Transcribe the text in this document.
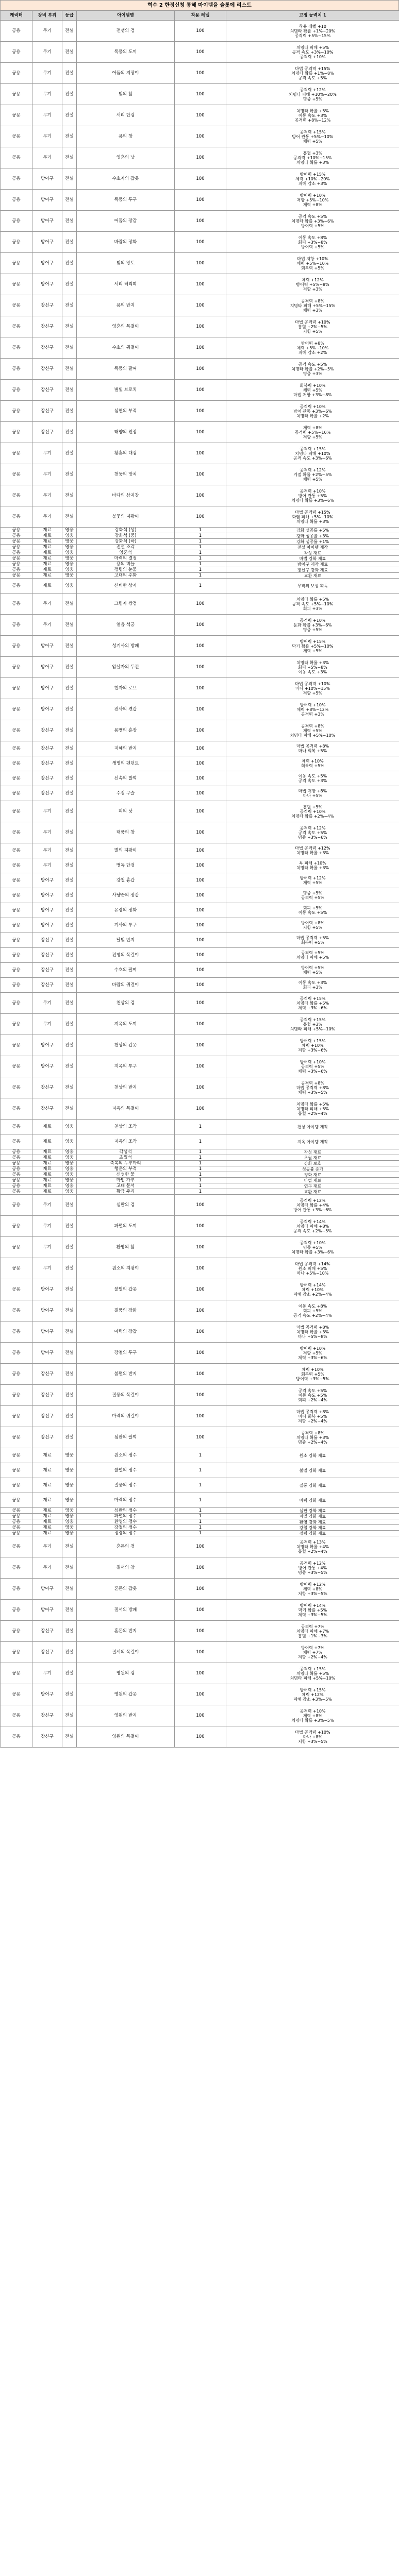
혁수 2 한정신청 통해 마이템을 슬롯에 리스트
캐릭터	장비 부위	등급	아이템명	착용 레벨	고정 능력치 1
공용	무기	전설	전쟁의 검	100	착용 레벨 +10
치명타 확률 +1%~20%
공격력 +5%~15%
공용	무기	전설	폭풍의 도끼	100	치명타 피해 +5%
공격 속도 +3%~10%
공격력 +10%
공용	무기	전설	어둠의 지팡이	100	마법 공격력 +15%
치명타 확률 +1%~8%
공격 속도 +5%
공용	무기	전설	빛의 활	100	공격력 +12%
치명타 피해 +10%~20%
명중 +5%
공용	무기	전설	서리 단검	100	치명타 확률 +5%
이동 속도 +3%
공격력 +8%~12%
공용	무기	전설	용의 창	100	공격력 +15%
방어 관통 +5%~10%
체력 +5%
공용	무기	전설	영혼의 낫	100	흡혈 +3%
공격력 +10%~15%
치명타 확률 +3%
공용	방어구	전설	수호자의 갑옷	100	방어력 +15%
체력 +10%~20%
피해 감소 +3%
공용	방어구	전설	폭풍의 투구	100	방어력 +10%
저항 +5%~10%
체력 +8%
공용	방어구	전설	어둠의 장갑	100	공격 속도 +5%
치명타 확률 +3%~6%
방어력 +5%
공용	방어구	전설	바람의 장화	100	이동 속도 +8%
회피 +3%~8%
방어력 +5%
공용	방어구	전설	빛의 망토	100	마법 저항 +10%
체력 +5%~10%
회복력 +5%
공용	방어구	전설	서리 허리띠	100	체력 +12%
방어력 +5%~8%
저항 +3%
공용	장신구	전설	용의 반지	100	공격력 +8%
치명타 피해 +5%~15%
체력 +3%
공용	장신구	전설	영혼의 목걸이	100	마법 공격력 +10%
흡혈 +2%~5%
저항 +5%
공용	장신구	전설	수호의 귀걸이	100	방어력 +8%
체력 +5%~10%
피해 감소 +2%
공용	장신구	전설	폭풍의 팔찌	100	공격 속도 +5%
치명타 확률 +2%~5%
명중 +3%
공용	장신구	전설	별빛 브로치	100	회복력 +10%
체력 +5%
마법 저항 +3%~8%
공용	장신구	전설	심연의 부적	100	공격력 +10%
방어 관통 +3%~6%
치명타 확률 +2%
공용	장신구	전설	태양의 인장	100	체력 +8%
공격력 +5%~10%
저항 +5%
공용	무기	전설	황혼의 대검	100	공격력 +15%
치명타 피해 +10%
공격 속도 +3%~6%
공용	무기	전설	천둥의 망치	100	공격력 +12%
기절 확률 +2%~5%
체력 +5%
공용	무기	전설	바다의 삼지창	100	공격력 +10%
방어 관통 +5%
치명타 확률 +3%~6%
공용	무기	전설	불꽃의 지팡이	100	마법 공격력 +15%
화염 피해 +5%~10%
치명타 확률 +3%
공용	재료	영웅	강화석 (상)	1	강화 성공률 +5%
공용	재료	영웅	강화석 (중)	1	강화 성공률 +3%
공용	재료	영웅	강화석 (하)	1	강화 성공률 +1%
공용	재료	영웅	전설 조각	1	전설 아이템 제작
공용	재료	영웅	영혼석	1	각성 재료
공용	재료	영웅	마력의 결정	1	마법 강화 재료
공용	재료	영웅	용의 비늘	1	방어구 제작 재료
공용	재료	영웅	정령의 눈물	1	장신구 강화 재료
공용	재료	영웅	고대의 주화	1	교환 재료
공용	재료	영웅	신비한 상자	1	무작위 보상 획득
공용	무기	전설	그림자 쌍검	100	치명타 확률 +5%
공격 속도 +5%~10%
회피 +3%
공용	무기	전설	얼음 석궁	100	공격력 +10%
둔화 확률 +3%~6%
명중 +5%
공용	방어구	전설	성기사의 방패	100	방어력 +15%
막기 확률 +5%~10%
체력 +5%
공용	방어구	전설	암살자의 두건	100	치명타 확률 +3%
회피 +5%~8%
이동 속도 +3%
공용	방어구	전설	현자의 로브	100	마법 공격력 +10%
마나 +10%~15%
저항 +5%
공용	방어구	전설	전사의 견갑	100	방어력 +10%
체력 +8%~12%
공격력 +3%
공용	장신구	전설	용맹의 훈장	100	공격력 +8%
체력 +5%
치명타 피해 +5%~10%
공용	장신구	전설	지혜의 반지	100	마법 공격력 +8%
마나 회복 +5%
공용	장신구	전설	생명의 펜던트	100	체력 +10%
회복력 +5%
공용	장신구	전설	신속의 발찌	100	이동 속도 +5%
공격 속도 +3%
공용	장신구	전설	수정 구슬	100	마법 저항 +8%
마나 +5%
공용	무기	전설	피의 낫	100	흡혈 +5%
공격력 +10%
치명타 확률 +2%~4%
공용	무기	전설	태풍의 창	100	공격력 +12%
공격 속도 +5%
명중 +3%~6%
공용	무기	전설	별의 지팡이	100	마법 공격력 +12%
치명타 확률 +3%
공용	무기	전설	맹독 단검	100	독 피해 +10%
치명타 확률 +3%
공용	방어구	전설	강철 흉갑	100	방어력 +12%
체력 +5%
공용	방어구	전설	사냥꾼의 장갑	100	명중 +5%
공격력 +5%
공용	방어구	전설	유령의 장화	100	회피 +5%
이동 속도 +5%
공용	방어구	전설	기사의 투구	100	방어력 +8%
저항 +5%
공용	장신구	전설	달빛 반지	100	마법 공격력 +5%
회복력 +5%
공용	장신구	전설	전쟁의 목걸이	100	공격력 +5%
치명타 피해 +5%
공용	장신구	전설	수호의 팔찌	100	방어력 +5%
체력 +5%
공용	장신구	전설	바람의 귀걸이	100	이동 속도 +3%
회피 +3%
공용	무기	전설	천상의 검	100	공격력 +15%
치명타 확률 +5%
체력 +3%~6%
공용	무기	전설	지옥의 도끼	100	공격력 +15%
흡혈 +3%
치명타 피해 +5%~10%
공용	방어구	전설	천상의 갑옷	100	방어력 +15%
체력 +10%
저항 +3%~6%
공용	방어구	전설	지옥의 투구	100	방어력 +10%
공격력 +5%
체력 +3%~6%
공용	장신구	전설	천상의 반지	100	공격력 +8%
마법 공격력 +8%
체력 +3%~5%
공용	장신구	전설	지옥의 목걸이	100	치명타 확률 +5%
치명타 피해 +5%
흡혈 +2%~4%
공용	재료	영웅	천상의 조각	1	천상 아이템 제작
공용	재료	영웅	지옥의 조각	1	지옥 아이템 제작
공용	재료	영웅	각성석	1	각성 재료
공용	재료	영웅	초월석	1	초월 재료
공용	재료	영웅	축복의 두루마리	1	강화 보호
공용	재료	영웅	행운의 부적	1	성공률 증가
공용	재료	영웅	신성한 물	1	정화 재료
공용	재료	영웅	마법 가루	1	마법 재료
공용	재료	영웅	고대 문서	1	연구 재료
공용	재료	영웅	황금 주괴	1	교환 재료
공용	무기	전설	심판의 검	100	공격력 +12%
치명타 확률 +4%
방어 관통 +3%~6%
공용	무기	전설	파멸의 도끼	100	공격력 +14%
치명타 피해 +8%
공격 속도 +2%~5%
공용	무기	전설	환영의 활	100	공격력 +10%
명중 +5%
치명타 확률 +3%~6%
공용	무기	전설	원소의 지팡이	100	마법 공격력 +14%
원소 피해 +5%
마나 +5%~10%
공용	방어구	전설	불멸의 갑옷	100	방어력 +14%
체력 +10%
피해 감소 +2%~4%
공용	방어구	전설	질풍의 장화	100	이동 속도 +8%
회피 +5%
공격 속도 +2%~4%
공용	방어구	전설	마력의 장갑	100	마법 공격력 +8%
치명타 확률 +3%
마나 +5%~8%
공용	방어구	전설	강철의 투구	100	방어력 +10%
저항 +5%
체력 +3%~6%
공용	장신구	전설	불멸의 반지	100	체력 +10%
회복력 +5%
방어력 +3%~5%
공용	장신구	전설	질풍의 목걸이	100	공격 속도 +5%
이동 속도 +5%
회피 +2%~4%
공용	장신구	전설	마력의 귀걸이	100	마법 공격력 +8%
마나 회복 +5%
저항 +2%~4%
공용	장신구	전설	심판의 팔찌	100	공격력 +8%
치명타 확률 +3%
명중 +2%~4%
공용	재료	영웅	원소의 정수	1	원소 강화 재료
공용	재료	영웅	불멸의 정수	1	불멸 강화 재료
공용	재료	영웅	질풍의 정수	1	질풍 강화 재료
공용	재료	영웅	마력의 정수	1	마력 강화 재료
공용	재료	영웅	심판의 정수	1	심판 강화 재료
공용	재료	영웅	파멸의 정수	1	파멸 강화 재료
공용	재료	영웅	환영의 정수	1	환영 강화 재료
공용	재료	영웅	강철의 정수	1	강철 강화 재료
공용	재료	영웅	정령의 정수	1	정령 강화 재료
공용	무기	전설	혼돈의 검	100	공격력 +13%
치명타 확률 +4%
흡혈 +2%~4%
공용	무기	전설	질서의 창	100	공격력 +12%
방어 관통 +4%
명중 +3%~5%
공용	방어구	전설	혼돈의 갑옷	100	방어력 +12%
체력 +8%
저항 +3%~5%
공용	방어구	전설	질서의 방패	100	방어력 +14%
막기 확률 +5%
체력 +3%~5%
공용	장신구	전설	혼돈의 반지	100	공격력 +7%
치명타 피해 +7%
흡혈 +1%~3%
공용	장신구	전설	질서의 목걸이	100	방어력 +7%
체력 +7%
저항 +2%~4%
공용	무기	전설	영원의 검	100	공격력 +15%
치명타 확률 +5%
치명타 피해 +5%~10%
공용	방어구	전설	영원의 갑옷	100	방어력 +15%
체력 +12%
피해 감소 +3%~5%
공용	장신구	전설	영원의 반지	100	공격력 +10%
체력 +8%
치명타 확률 +3%~5%
공용	장신구	전설	영원의 목걸이	100	마법 공격력 +10%
마나 +8%
저항 +3%~5%
